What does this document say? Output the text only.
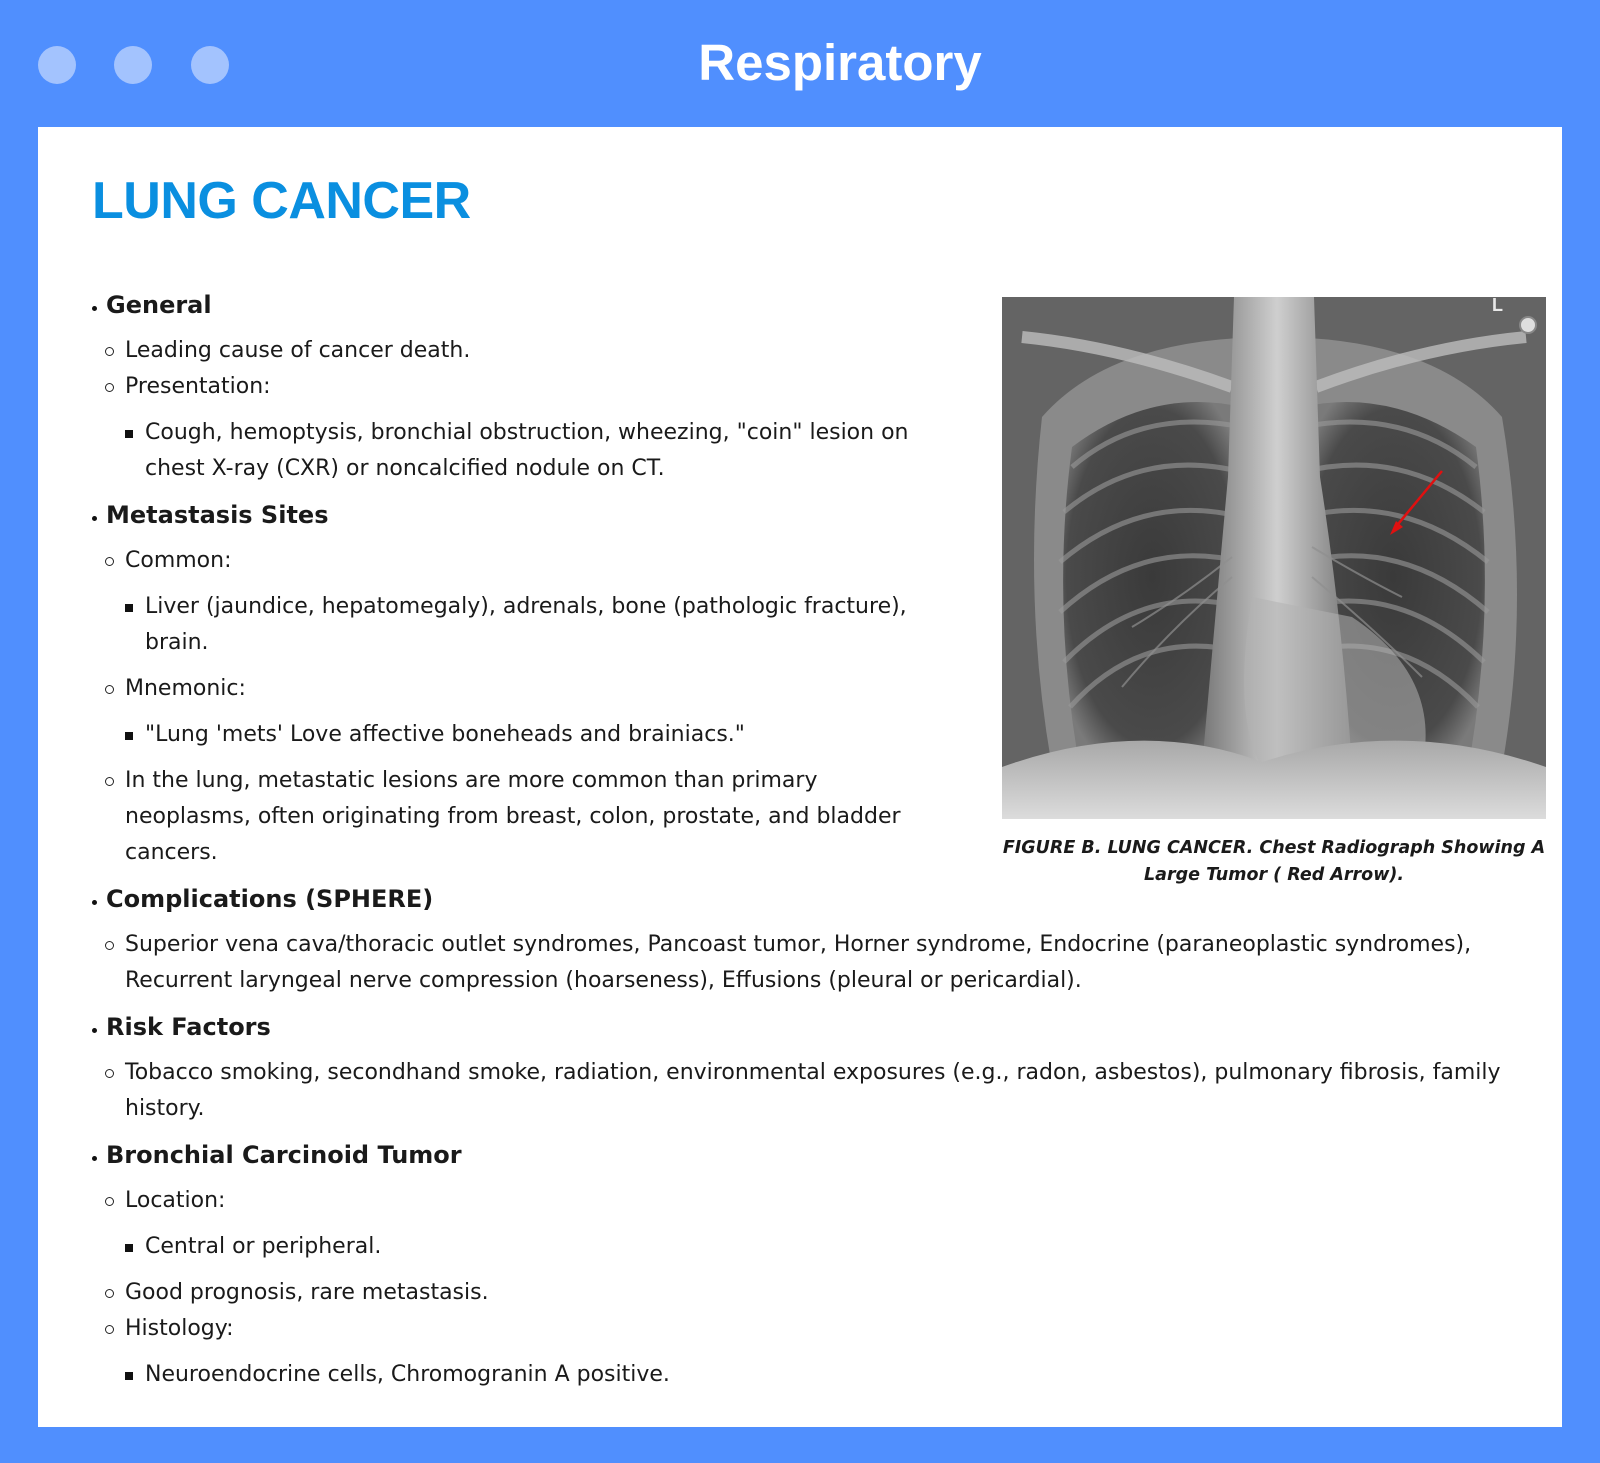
Respiratory
LUNG CANCER
General
Leading cause of cancer death.
Presentation:
Cough, hemoptysis, bronchial obstruction, wheezing, "coin" lesion on chest X-ray (CXR) or noncalcified nodule on CT.
Metastasis Sites
Common:
Liver (jaundice, hepatomegaly), adrenals, bone (pathologic fracture), brain.
Mnemonic:
"Lung 'mets' Love affective boneheads and brainiacs."
In the lung, metastatic lesions are more common than primary neoplasms, often originating from breast, colon, prostate, and bladder cancers.
Complications (SPHERE)
Superior vena cava/thoracic outlet syndromes, Pancoast tumor, Horner syndrome, Endocrine (paraneoplastic syndromes), Recurrent laryngeal nerve compression (hoarseness), Effusions (pleural or pericardial).
Risk Factors
Tobacco smoking, secondhand smoke, radiation, environmental exposures (e.g., radon, asbestos), pulmonary fibrosis, family history.
Bronchial Carcinoid Tumor
Location:
Central or peripheral.
Good prognosis, rare metastasis.
Histology:
Neuroendocrine cells, Chromogranin A positive.
L
FIGURE B. LUNG CANCER. Chest Radiograph Showing A Large Tumor ( Red Arrow).
